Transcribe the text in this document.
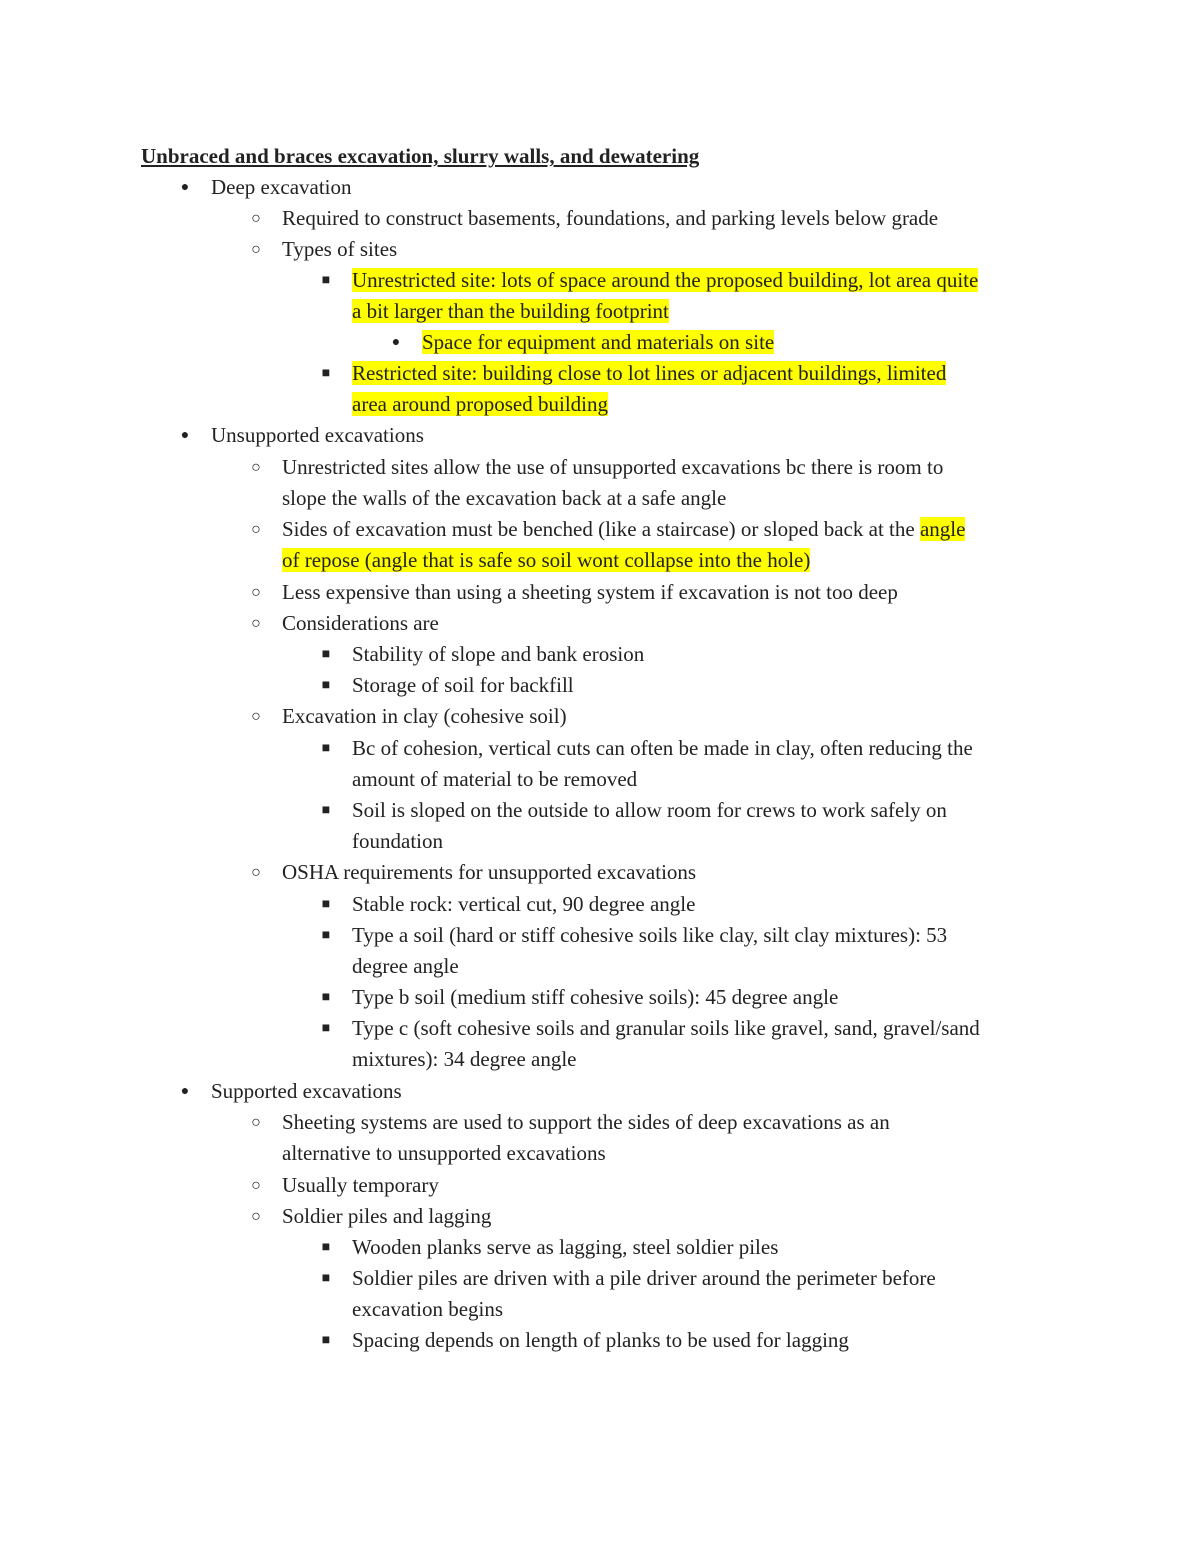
Unbraced and braces excavation, slurry walls, and dewatering
●	Deep excavation
○	Required to construct basements, foundations, and parking levels below grade
○	Types of sites
■	Unrestricted site: lots of space around the proposed building, lot area quite
a bit larger than the building footprint
●	Space for equipment and materials on site
■	Restricted site: building close to lot lines or adjacent buildings, limited
area around proposed building
●	Unsupported excavations
○	Unrestricted sites allow the use of unsupported excavations bc there is room to
slope the walls of the excavation back at a safe angle
○	Sides of excavation must be benched (like a staircase) or sloped back at the angle
of repose (angle that is safe so soil wont collapse into the hole)
○	Less expensive than using a sheeting system if excavation is not too deep
○	Considerations are
■	Stability of slope and bank erosion
■	Storage of soil for backfill
○	Excavation in clay (cohesive soil)
■	Bc of cohesion, vertical cuts can often be made in clay, often reducing the
amount of material to be removed
■	Soil is sloped on the outside to allow room for crews to work safely on
foundation
○	OSHA requirements for unsupported excavations
■	Stable rock: vertical cut, 90 degree angle
■	Type a soil (hard or stiff cohesive soils like clay, silt clay mixtures): 53
degree angle
■	Type b soil (medium stiff cohesive soils): 45 degree angle
■	Type c (soft cohesive soils and granular soils like gravel, sand, gravel/sand
mixtures): 34 degree angle
●	Supported excavations
○	Sheeting systems are used to support the sides of deep excavations as an
alternative to unsupported excavations
○	Usually temporary
○	Soldier piles and lagging
■	Wooden planks serve as lagging, steel soldier piles
■	Soldier piles are driven with a pile driver around the perimeter before
excavation begins
■	Spacing depends on length of planks to be used for lagging
